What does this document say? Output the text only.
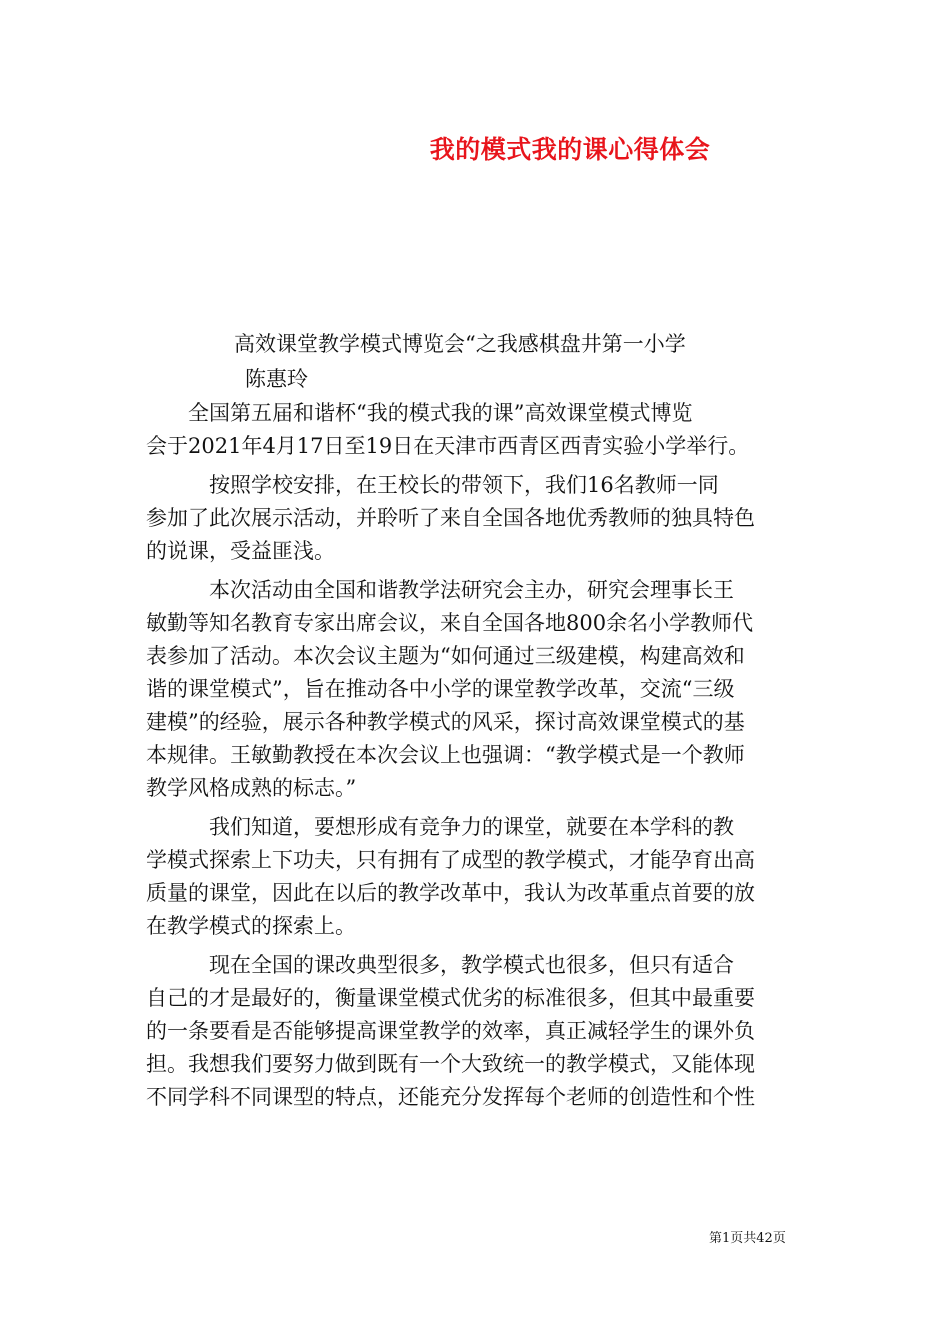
我的模式我的课心得体会
高效课堂教学模式博览会“之我感棋盘井第一小学
陈惠玲

　　全国第五届和谐杯“我的模式我的课”高效课堂模式博览
会于2021年4月17日至19日在天津市西青区西青实验小学举行。

　　　按照学校安排，在王校长的带领下，我们16名教师一同
参加了此次展示活动，并聆听了来自全国各地优秀教师的独具特色
的说课，受益匪浅。

　　　本次活动由全国和谐教学法研究会主办，研究会理事长王
敏勤等知名教育专家出席会议，来自全国各地800余名小学教师代
表参加了活动。本次会议主题为“如何通过三级建模，构建高效和
谐的课堂模式”，旨在推动各中小学的课堂教学改革，交流“三级
建模”的经验，展示各种教学模式的风采，探讨高效课堂模式的基
本规律。王敏勤教授在本次会议上也强调：“教学模式是一个教师
教学风格成熟的标志。”

　　　我们知道，要想形成有竞争力的课堂，就要在本学科的教
学模式探索上下功夫，只有拥有了成型的教学模式，才能孕育出高
质量的课堂，因此在以后的教学改革中，我认为改革重点首要的放
在教学模式的探索上。

　　　现在全国的课改典型很多，教学模式也很多，但只有适合
自己的才是最好的，衡量课堂模式优劣的标准很多，但其中最重要
的一条要看是否能够提高课堂教学的效率，真正减轻学生的课外负
担。我想我们要努力做到既有一个大致统一的教学模式，又能体现
不同学科不同课型的特点，还能充分发挥每个老师的创造性和个性

第1页共42页
